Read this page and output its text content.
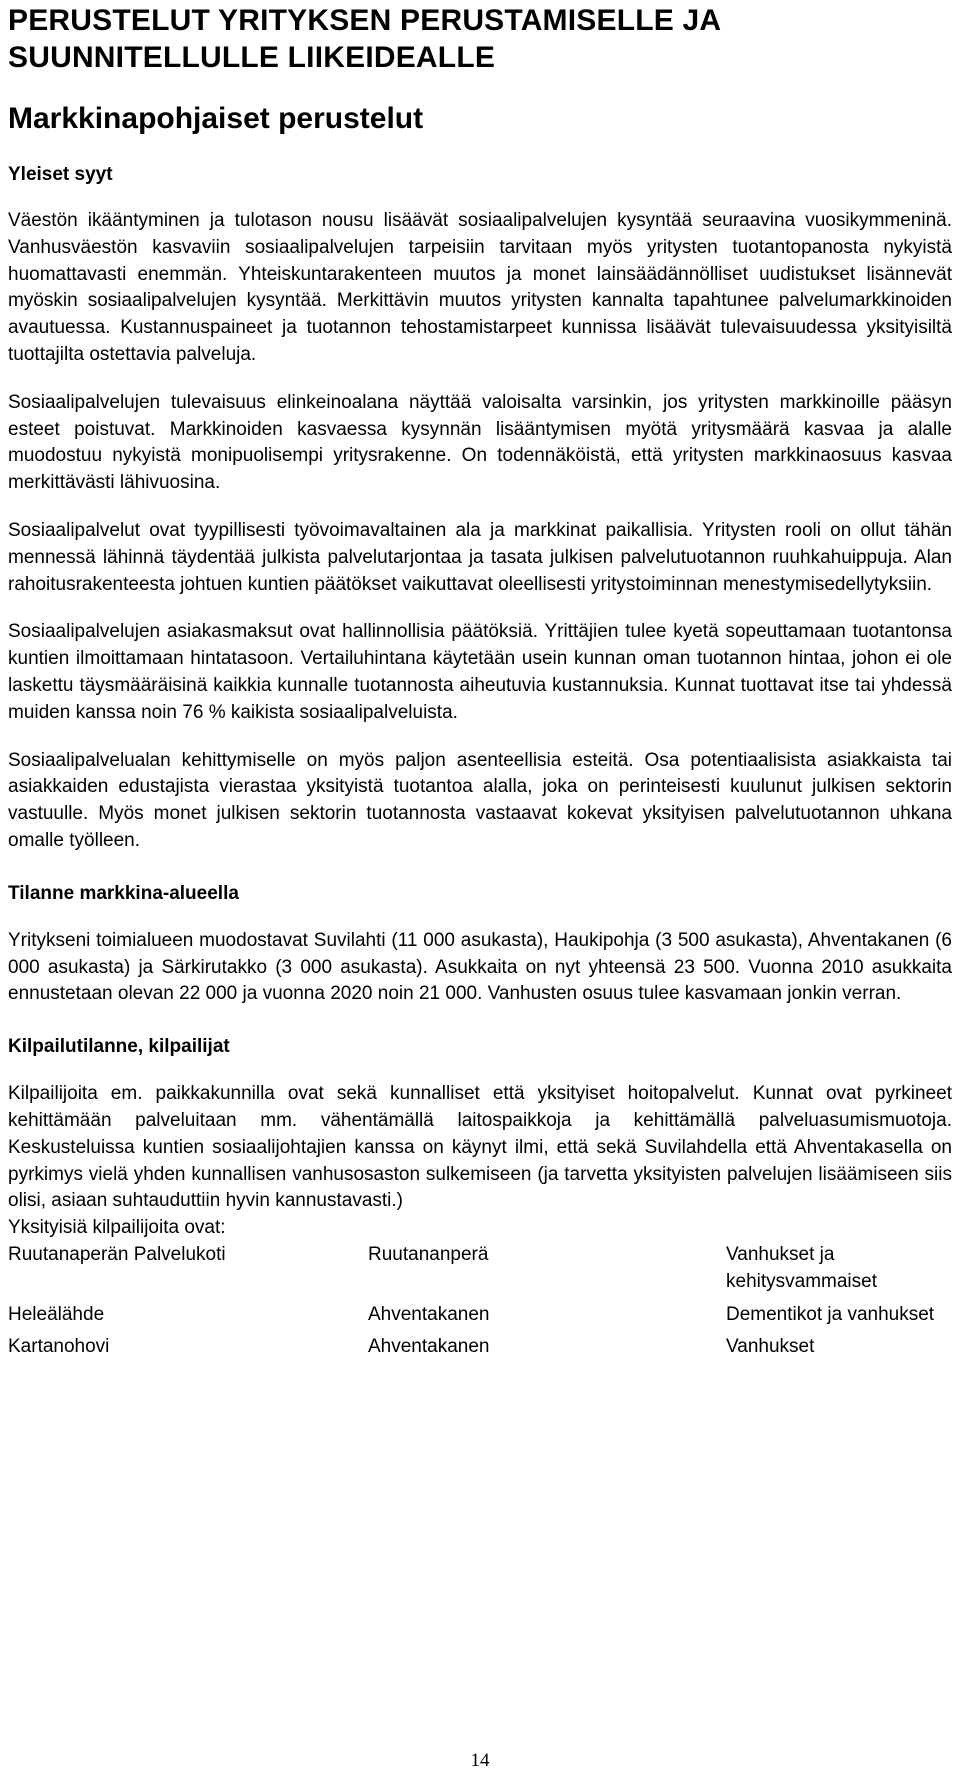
PERUSTELUT YRITYKSEN PERUSTAMISELLE JA SUUNNITELLULLE LIIKEIDEALLE
Markkinapohjaiset perustelut
Yleiset syyt

Väestön ikääntyminen ja tulotason nousu lisäävät sosiaalipalvelujen kysyntää seuraavina vuosikymmeninä. Vanhusväestön kasvaviin sosiaalipalvelujen tarpeisiin tarvitaan myös yritysten tuotantopanosta nykyistä huomattavasti enemmän. Yhteiskuntarakenteen muutos ja monet lainsäädännölliset uudistukset lisännevät myöskin sosiaalipalvelujen kysyntää. Merkittävin muutos yritysten kannalta tapahtunee palvelumarkkinoiden avautuessa. Kustannuspaineet ja tuotannon tehostamistarpeet kunnissa lisäävät tulevaisuudessa yksityisiltä tuottajilta ostettavia palveluja.

Sosiaalipalvelujen tulevaisuus elinkeinoalana näyttää valoisalta varsinkin, jos yritysten markkinoille pääsyn esteet poistuvat. Markkinoiden kasvaessa kysynnän lisääntymisen myötä yritysmäärä kasvaa ja alalle muodostuu nykyistä monipuolisempi yritysrakenne. On todennäköistä, että yritysten markkinaosuus kasvaa merkittävästi lähivuosina.

Sosiaalipalvelut ovat tyypillisesti työvoimavaltainen ala ja markkinat paikallisia. Yritysten rooli on ollut tähän mennessä lähinnä täydentää julkista palvelutarjontaa ja tasata julkisen palvelutuotannon ruuhkahuippuja. Alan rahoitusrakenteesta johtuen kuntien päätökset vaikuttavat oleellisesti yritystoiminnan menestymisedellytyksiin.

Sosiaalipalvelujen asiakasmaksut ovat hallinnollisia päätöksiä. Yrittäjien tulee kyetä sopeuttamaan tuotantonsa kuntien ilmoittamaan hintatasoon. Vertailuhintana käytetään usein kunnan oman tuotannon hintaa, johon ei ole laskettu täysmääräisinä kaikkia kunnalle tuotannosta aiheutuvia kustannuksia. Kunnat tuottavat itse tai yhdessä muiden kanssa noin 76 % kaikista sosiaalipalveluista.

Sosiaalipalvelualan kehittymiselle on myös paljon asenteellisia esteitä. Osa potentiaalisista asiakkaista tai asiakkaiden edustajista vierastaa yksityistä tuotantoa alalla, joka on perinteisesti kuulunut julkisen sektorin vastuulle. Myös monet julkisen sektorin tuotannosta vastaavat kokevat yksityisen palvelutuotannon uhkana omalle työlleen.

Tilanne markkina-alueella

Yritykseni toimialueen muodostavat Suvilahti (11 000 asukasta), Haukipohja (3 500 asukasta), Ahventakanen (6 000 asukasta) ja Särkirutakko (3 000 asukasta). Asukkaita on nyt yhteensä 23 500. Vuonna 2010 asukkaita ennustetaan olevan 22 000 ja vuonna 2020 noin 21 000. Vanhusten osuus tulee kasvamaan jonkin verran.

Kilpailutilanne, kilpailijat

Kilpailijoita em. paikkakunnilla ovat sekä kunnalliset että yksityiset hoitopalvelut. Kunnat ovat pyrkineet kehittämään palveluitaan mm. vähentämällä laitospaikkoja ja kehittämällä palveluasumismuotoja. Keskusteluissa kuntien sosiaalijohtajien kanssa on käynyt ilmi, että sekä Suvilahdella että Ahventakasella on pyrkimys vielä yhden kunnallisen vanhusosaston sulkemiseen (ja tarvetta yksityisten palvelujen lisäämiseen siis olisi, asiaan suhtauduttiin hyvin kannustavasti.)

Yksityisiä kilpailijoita ovat:

Ruutanaperän Palvelukoti	Ruutananperä	Vanhukset ja kehitysvammaiset
Heleälähde	Ahventakanen	Dementikot ja vanhukset
Kartanohovi	Ahventakanen	Vanhukset
14
